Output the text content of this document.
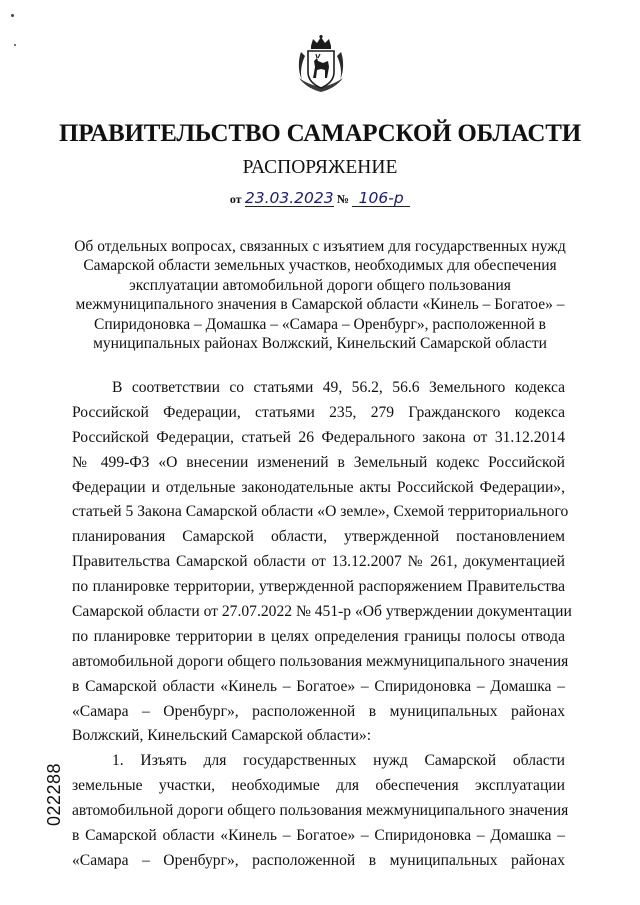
ПРАВИТЕЛЬСТВО САМАРСКОЙ ОБЛАСТИ
РАСПОРЯЖЕНИЕ
от 23.03.2023 № 106-р
Об отдельных вопросах, связанных с изъятием для государственных нужд
Самарской области земельных участков, необходимых для обеспечения
эксплуатации автомобильной дороги общего пользования
межмуниципального значения в Самарской области «Кинель – Богатое» –
Спиридоновка – Домашка – «Самара – Оренбург», расположенной в
муниципальных районах Волжский, Кинельский Самарской области
В соответствии со статьями 49, 56.2, 56.6 Земельного кодекса
Российской Федерации, статьями 235, 279 Гражданского кодекса
Российской Федерации, статьей 26 Федерального закона от 31.12.2014
№ 499-ФЗ «О внесении изменений в Земельный кодекс Российской
Федерации и отдельные законодательные акты Российской Федерации»,
статьей 5 Закона Самарской области «О земле», Схемой территориального
планирования Самарской области, утвержденной постановлением
Правительства Самарской области от 13.12.2007 № 261, документацией
по планировке территории, утвержденной распоряжением Правительства
Самарской области от 27.07.2022 № 451-р «Об утверждении документации
по планировке территории в целях определения границы полосы отвода
автомобильной дороги общего пользования межмуниципального значения
в Самарской области «Кинель – Богатое» – Спиридоновка – Домашка –
«Самара – Оренбург», расположенной в муниципальных районах
Волжский, Кинельский Самарской области»:
1. Изъять для государственных нужд Самарской области
земельные участки, необходимые для обеспечения эксплуатации
автомобильной дороги общего пользования межмуниципального значения
в Самарской области «Кинель – Богатое» – Спиридоновка – Домашка –
«Самара – Оренбург», расположенной в муниципальных районах
022288
